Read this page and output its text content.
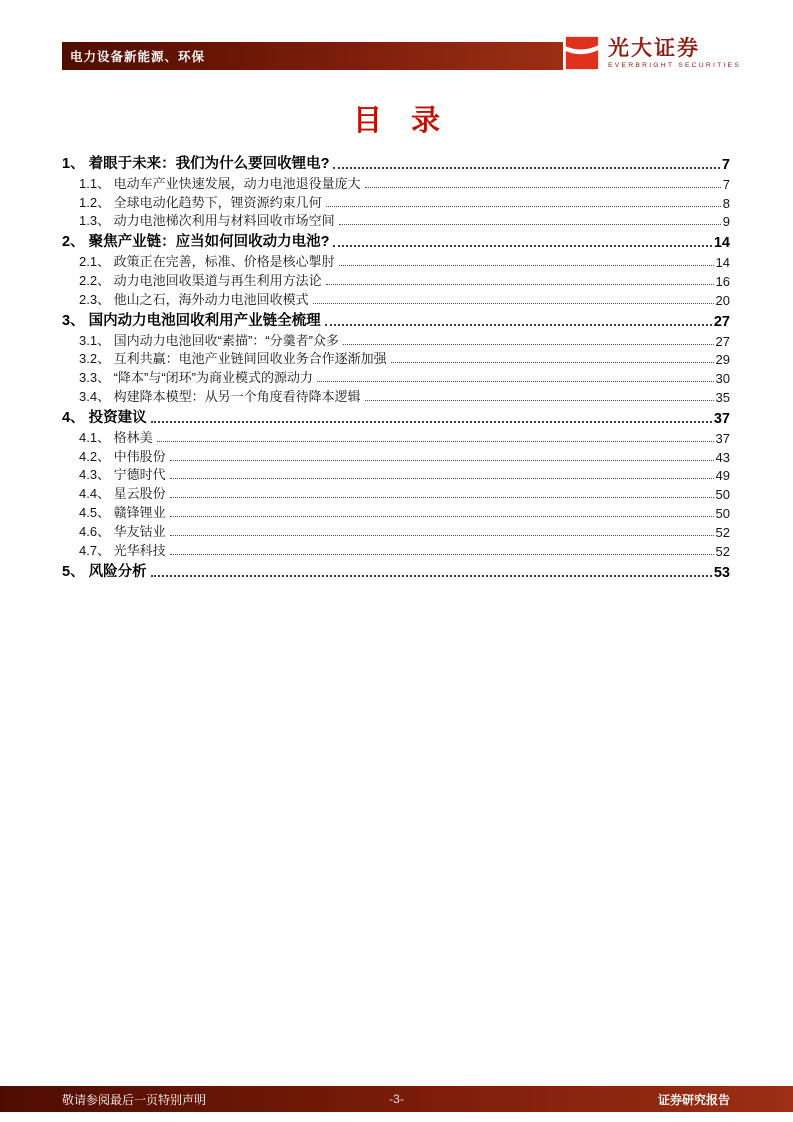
电力设备新能源、环保	光大证券
EVERBRIGHT SECURITIES
目　录
1、 着眼于未来：我们为什么要回收锂电?	7
1.1、 电动车产业快速发展，动力电池退役量庞大	7
1.2、 全球电动化趋势下，锂资源约束几何	8
1.3、 动力电池梯次利用与材料回收市场空间	9
2、 聚焦产业链：应当如何回收动力电池?	14
2.1、 政策正在完善，标准、价格是核心掣肘	14
2.2、 动力电池回收渠道与再生利用方法论	16
2.3、 他山之石，海外动力电池回收模式	20
3、 国内动力电池回收利用产业链全梳理	27
3.1、 国内动力电池回收“素描”：“分羹者”众多	27
3.2、 互利共赢：电池产业链间回收业务合作逐渐加强	29
3.3、 “降本”与“闭环”为商业模式的源动力	30
3.4、 构建降本模型：从另一个角度看待降本逻辑	35
4、 投资建议	37
4.1、 格林美	37
4.2、 中伟股份	43
4.3、 宁德时代	49
4.4、 星云股份	50
4.5、 赣锋锂业	50
4.6、 华友钴业	52
4.7、 光华科技	52
5、 风险分析	53
敬请参阅最后一页特别声明	-3-	证券研究报告
